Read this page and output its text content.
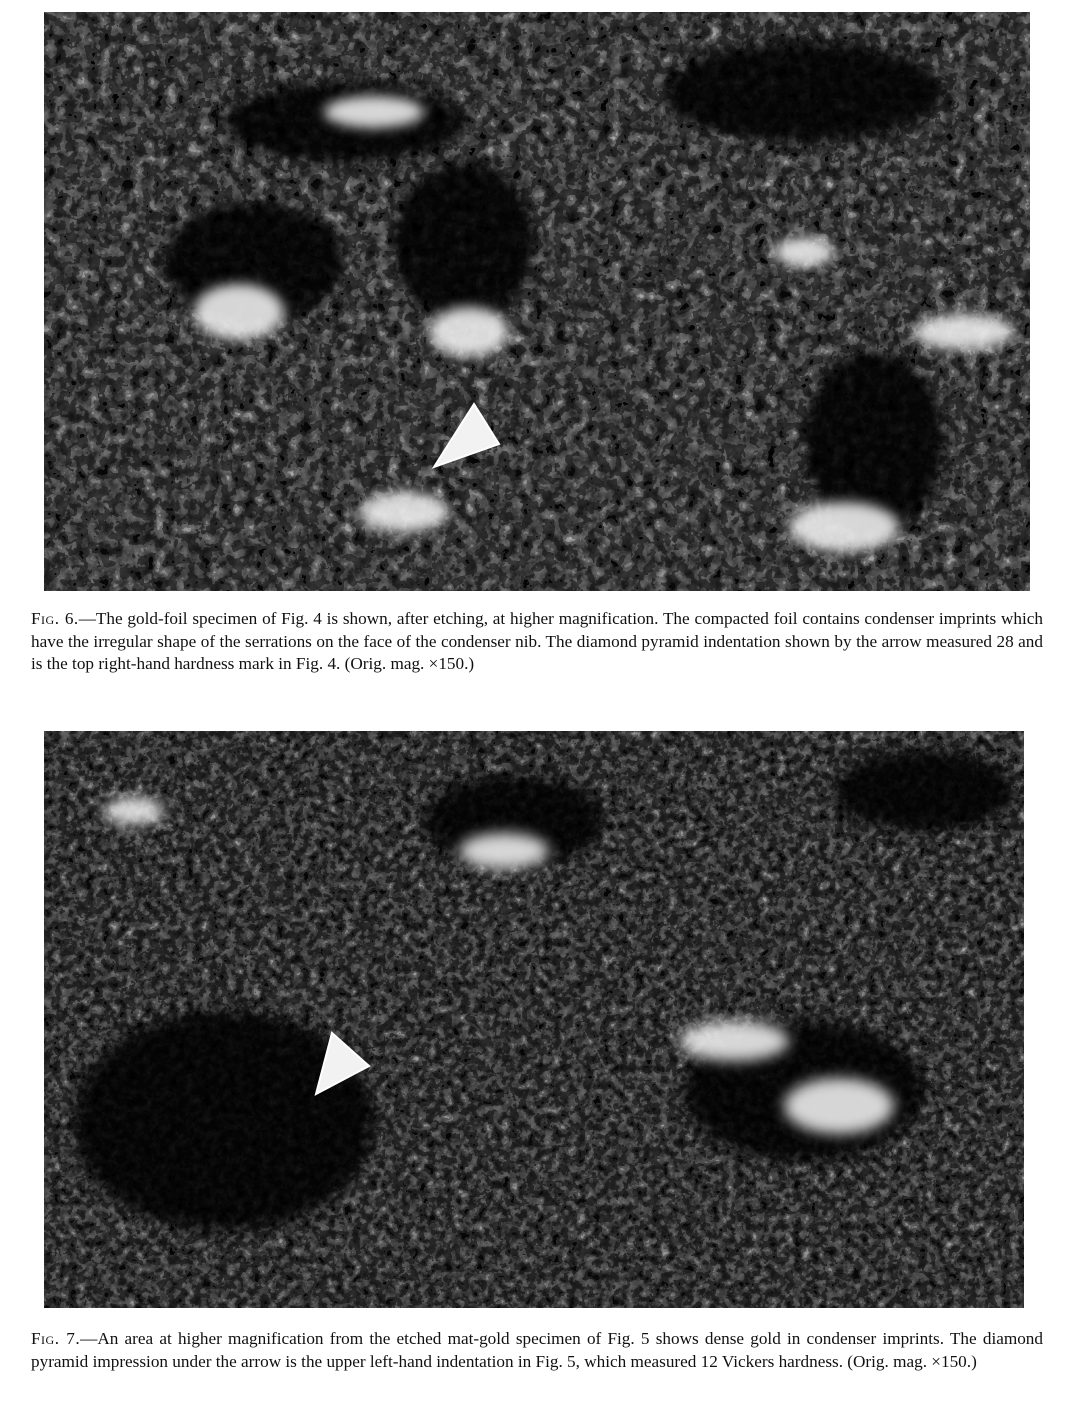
Fig. 6.—The gold-foil specimen of Fig. 4 is shown, after etching, at higher magnification. The compacted foil contains condenser imprints which have the irregular shape of the serrations on the face of the condenser nib. The diamond pyramid indentation shown by the arrow measured 28 and is the top right-hand hardness mark in Fig. 4. (Orig. mag. ×150.)

Fig. 7.—An area at higher magnification from the etched mat-gold specimen of Fig. 5 shows dense gold in condenser imprints. The diamond pyramid impression under the arrow is the upper left-hand indentation in Fig. 5, which measured 12 Vickers hardness. (Orig. mag. ×150.)
